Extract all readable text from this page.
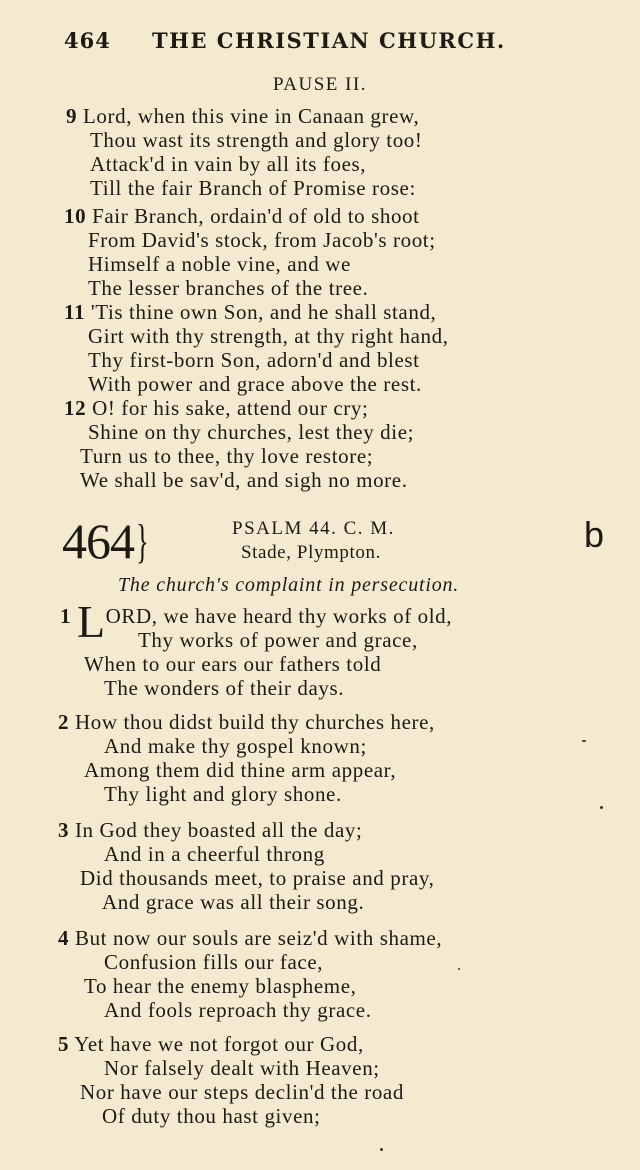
464 THE CHRISTIAN CHURCH.
PAUSE II.
9 Lord, when this vine in Canaan grew,
Thou wast its strength and glory too!
Attack'd in vain by all its foes,
Till the fair Branch of Promise rose:
10 Fair Branch, ordain'd of old to shoot
From David's stock, from Jacob's root;
Himself a noble vine, and we
The lesser branches of the tree.
11 'Tis thine own Son, and he shall stand,
Girt with thy strength, at thy right hand,
Thy first-born Son, adorn'd and blest
With power and grace above the rest.
12 O! for his sake, attend our cry;
Shine on thy churches, lest they die;
Turn us to thee, thy love restore;
We shall be sav'd, and sigh no more.
464 }	PSALM 44. C. M.
Stade, Plympton.	b
The church's complaint in persecution.
1 LORD, we have heard thy works of old,
Thy works of power and grace,
When to our ears our fathers told
The wonders of their days.
2 How thou didst build thy churches here,
And make thy gospel known;
Among them did thine arm appear,
Thy light and glory shone.
3 In God they boasted all the day;
And in a cheerful throng
Did thousands meet, to praise and pray,
And grace was all their song.
4 But now our souls are seiz'd with shame,
Confusion fills our face,
To hear the enemy blaspheme,
And fools reproach thy grace.
5 Yet have we not forgot our God,
Nor falsely dealt with Heaven;
Nor have our steps declin'd the road
Of duty thou hast given;
